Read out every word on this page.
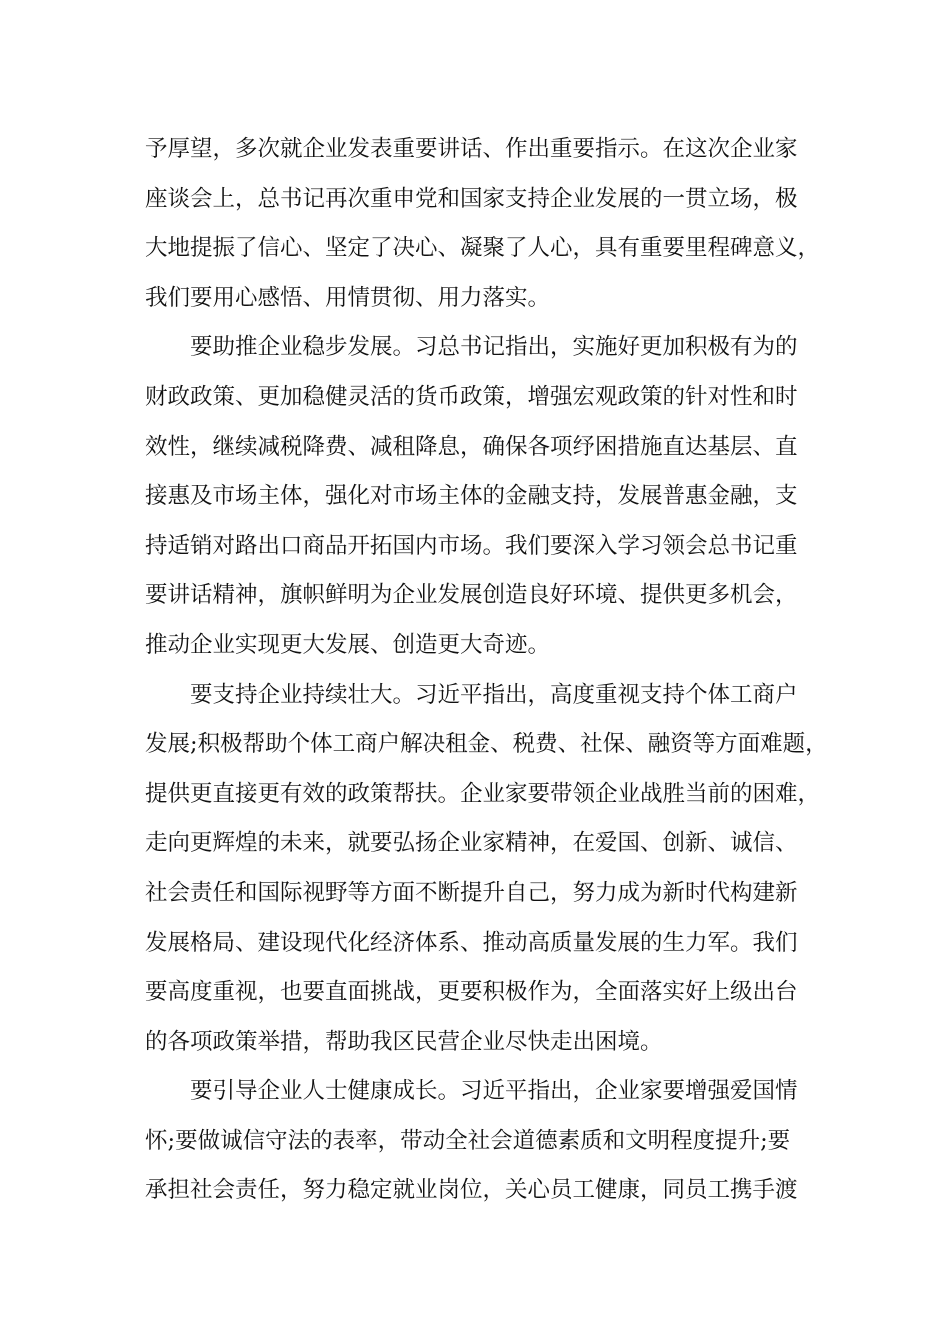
予厚望，多次就企业发表重要讲话、作出重要指示。在这次企业家
座谈会上，总书记再次重申党和国家支持企业发展的一贯立场，极
大地提振了信心、坚定了决心、凝聚了人心，具有重要里程碑意义，
我们要用心感悟、用情贯彻、用力落实。
要助推企业稳步发展。习总书记指出，实施好更加积极有为的
财政政策、更加稳健灵活的货币政策，增强宏观政策的针对性和时
效性，继续减税降费、减租降息，确保各项纾困措施直达基层、直
接惠及市场主体，强化对市场主体的金融支持，发展普惠金融，支
持适销对路出口商品开拓国内市场。我们要深入学习领会总书记重
要讲话精神，旗帜鲜明为企业发展创造良好环境、提供更多机会，
推动企业实现更大发展、创造更大奇迹。
要支持企业持续壮大。习近平指出，高度重视支持个体工商户
发展;积极帮助个体工商户解决租金、税费、社保、融资等方面难题，
提供更直接更有效的政策帮扶。企业家要带领企业战胜当前的困难，
走向更辉煌的未来，就要弘扬企业家精神，在爱国、创新、诚信、
社会责任和国际视野等方面不断提升自己，努力成为新时代构建新
发展格局、建设现代化经济体系、推动高质量发展的生力军。我们
要高度重视，也要直面挑战，更要积极作为，全面落实好上级出台
的各项政策举措，帮助我区民营企业尽快走出困境。
要引导企业人士健康成长。习近平指出，企业家要增强爱国情
怀;要做诚信守法的表率，带动全社会道德素质和文明程度提升;要
承担社会责任，努力稳定就业岗位，关心员工健康，同员工携手渡
